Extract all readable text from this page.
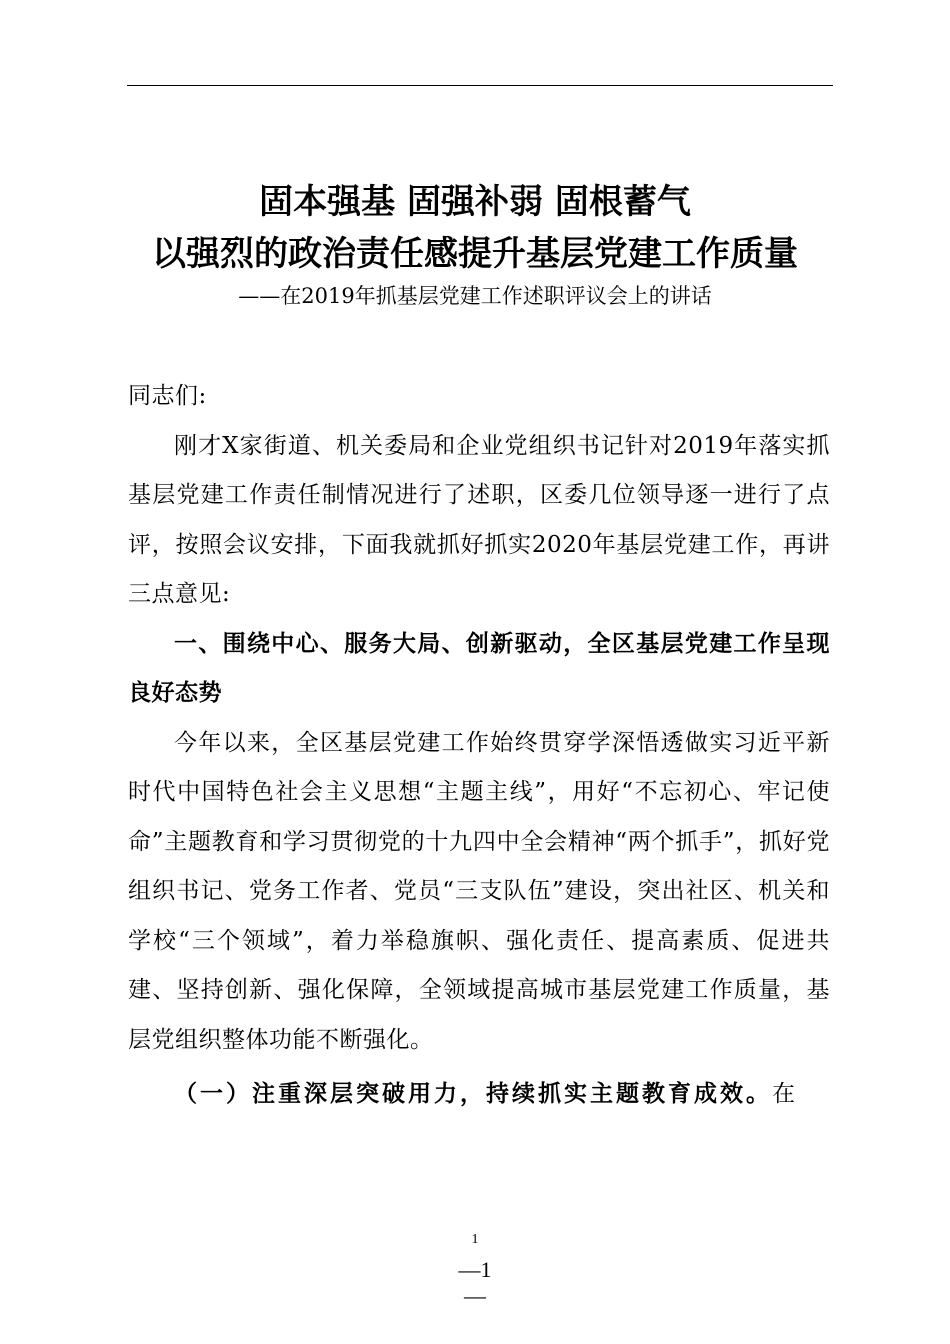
固本强基 固强补弱 固根蓄气
以强烈的政治责任感提升基层党建工作质量
——在2019年抓基层党建工作述职评议会上的讲话

同志们:

刚才X家街道、机关委局和企业党组织书记针对2019年落实抓基层党建工作责任制情况进行了述职，区委几位领导逐一进行了点评，按照会议安排，下面我就抓好抓实2020年基层党建工作，再讲三点意见:

一、围绕中心、服务大局、创新驱动，全区基层党建工作呈现良好态势

今年以来，全区基层党建工作始终贯穿学深悟透做实习近平新时代中国特色社会主义思想“主题主线”，用好“不忘初心、牢记使命”主题教育和学习贯彻党的十九四中全会精神“两个抓手”，抓好党组织书记、党务工作者、党员“三支队伍”建设，突出社区、机关和学校“三个领域”，着力举稳旗帜、强化责任、提高素质、促进共建、坚持创新、强化保障，全领域提高城市基层党建工作质量，基层党组织整体功能不断强化。

（一）注重深层突破用力，持续抓实主题教育成效。在

1
—1
—
